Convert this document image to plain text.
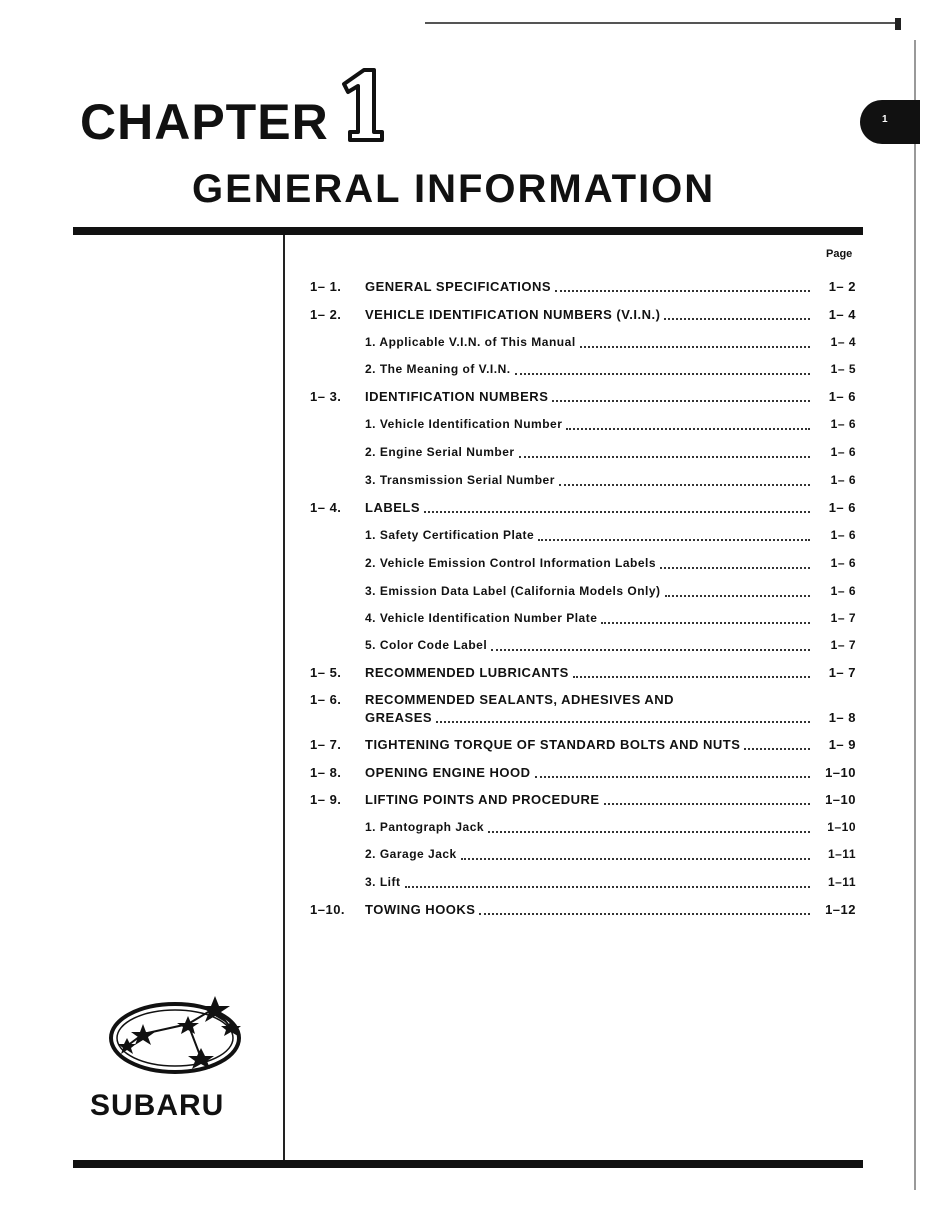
CHAPTER
GENERAL INFORMATION
1
Page
1– 1. GENERAL SPECIFICATIONS	1– 2
1– 2. VEHICLE IDENTIFICATION NUMBERS (V.I.N.)	1– 4
1. Applicable V.I.N. of This Manual	1– 4
2. The Meaning of V.I.N.	1– 5
1– 3. IDENTIFICATION NUMBERS	1– 6
1. Vehicle Identification Number	1– 6
2. Engine Serial Number	1– 6
3. Transmission Serial Number	1– 6
1– 4. LABELS	1– 6
1. Safety Certification Plate	1– 6
2. Vehicle Emission Control Information Labels	1– 6
3. Emission Data Label (California Models Only)	1– 6
4. Vehicle Identification Number Plate	1– 7
5. Color Code Label	1– 7
1– 5. RECOMMENDED LUBRICANTS	1– 7
1– 6. RECOMMENDED SEALANTS, ADHESIVES AND
GREASES	1– 8
1– 7. TIGHTENING TORQUE OF STANDARD BOLTS AND NUTS	1– 9
1– 8. OPENING ENGINE HOOD	1–10
1– 9. LIFTING POINTS AND PROCEDURE	1–10
1. Pantograph Jack	1–10
2. Garage Jack	1–11
3. Lift	1–11
1–10. TOWING HOOKS	1–12
SUBARU
